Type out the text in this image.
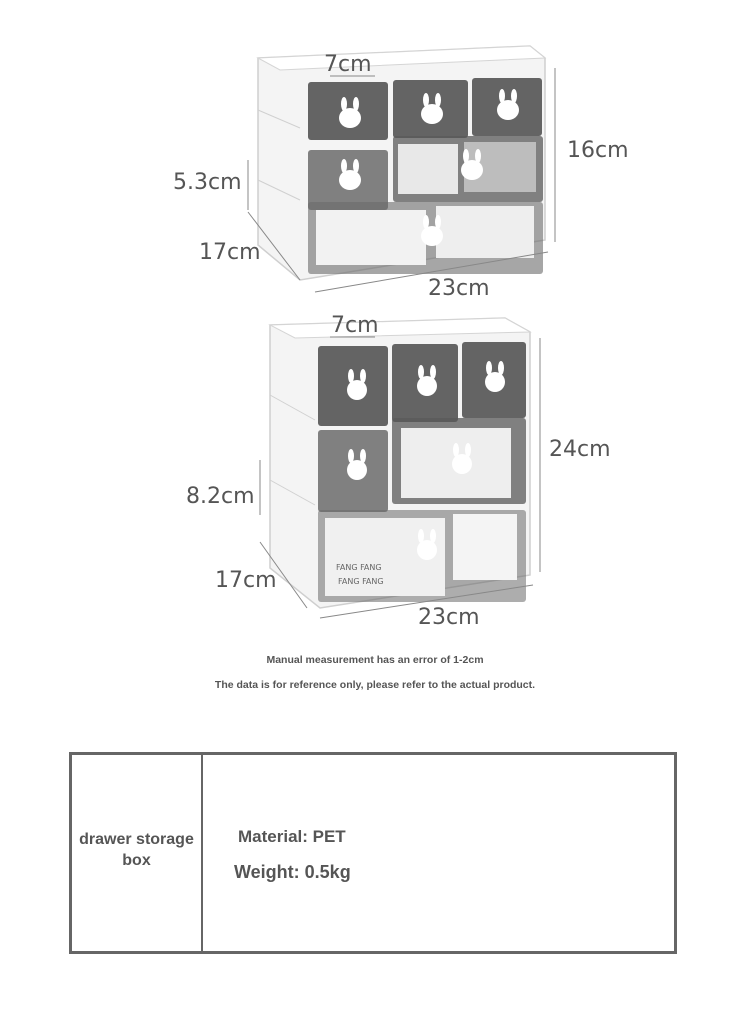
7cm
5.3cm
17cm
16cm
23cm
FANG FANG
FANG FANG
7cm
8.2cm
17cm
24cm
23cm
Manual measurement has an error of 1-2cm
The data is for reference only, please refer to the actual product.
drawer storage box
Material: PET
Weight: 0.5kg
